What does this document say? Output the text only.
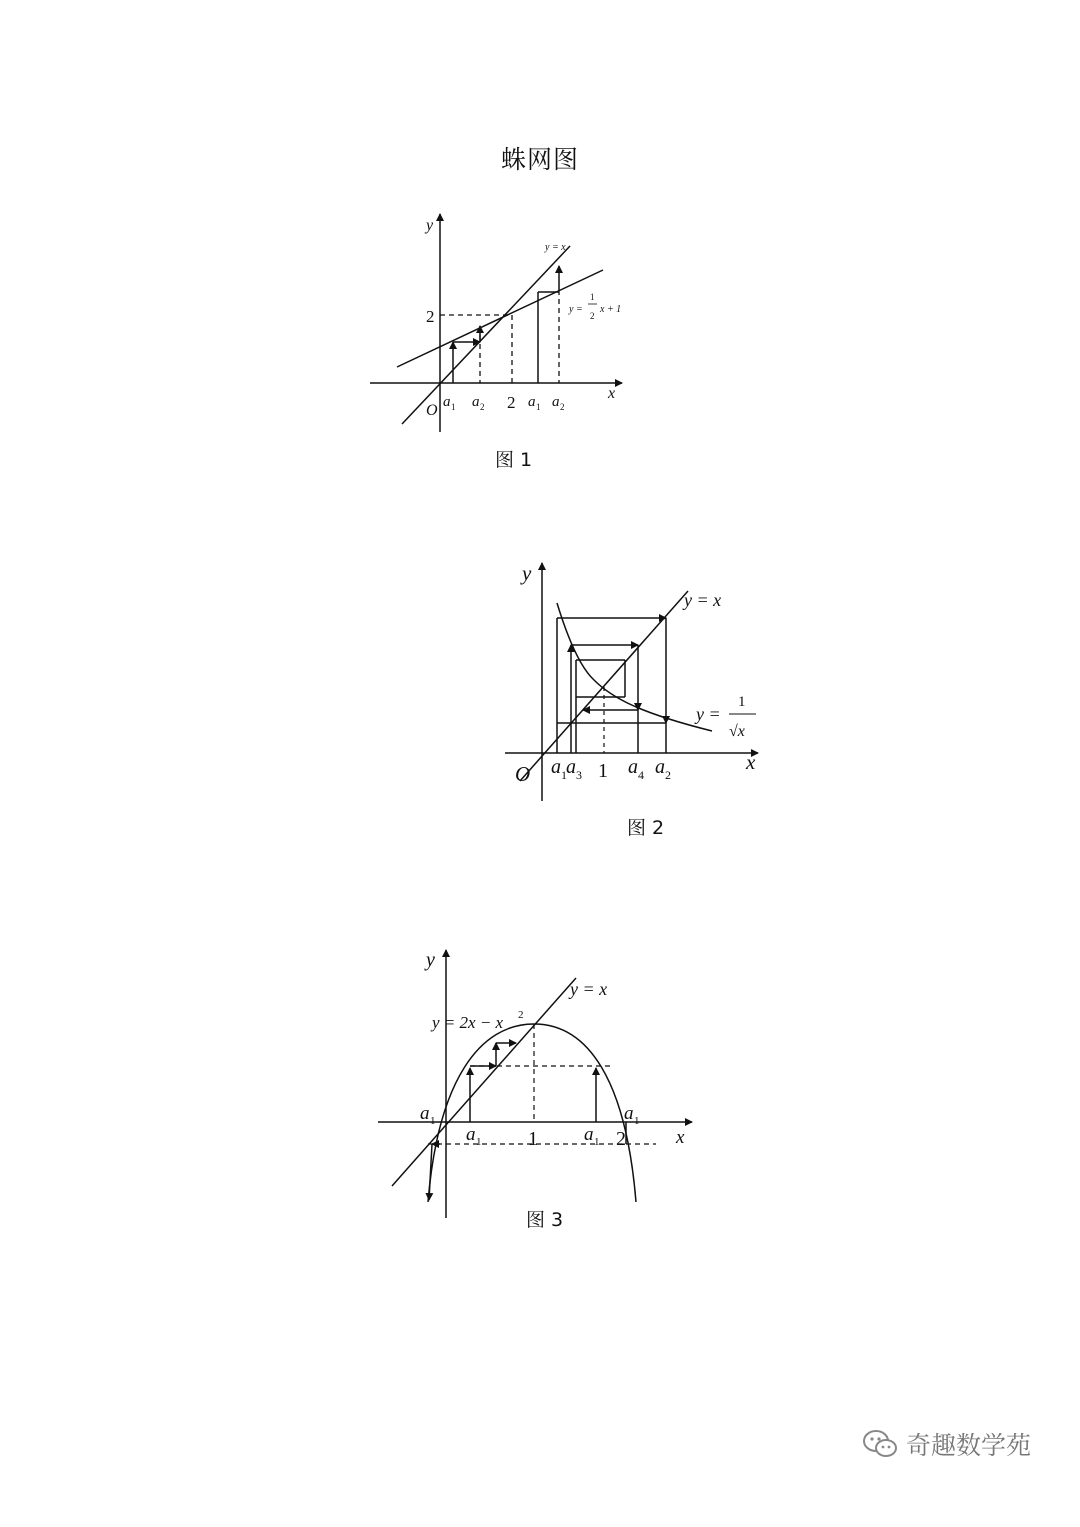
蛛网图
y
x
O
2
2
y = x
y =
1
2
x + 1
a 1 a 2	a 1 a 2
图 1
y
x
O
y = x
y =
1
√x
1
a 1 a 3 a 4 a 2
图 2
y
x
y = x
y = 2x − x 2
1	2
a 1
a 1	a 1
a 1
图 3
奇趣数学苑
